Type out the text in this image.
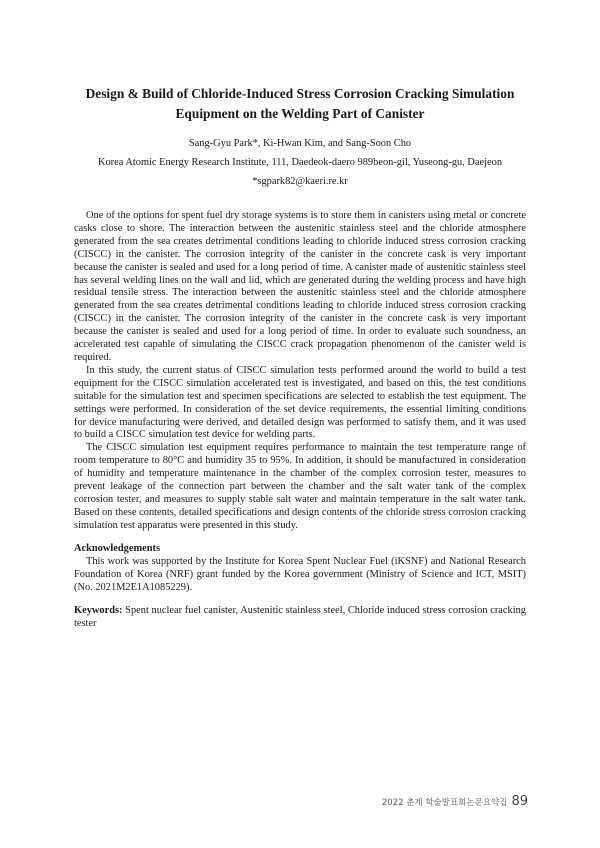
Design & Build of Chloride-Induced Stress Corrosion Cracking Simulation Equipment on the Welding Part of Canister
Sang-Gyu Park*, Ki-Hwan Kim, and Sang-Soon Cho
Korea Atomic Energy Research Institute, 111, Daedeok-daero 989beon-gil, Yuseong-gu, Daejeon
*sgpark82@kaeri.re.kr

One of the options for spent fuel dry storage systems is to store them in canisters using metal or concrete casks close to shore. The interaction between the austenitic stainless steel and the chloride atmosphere generated from the sea creates detrimental conditions leading to chloride induced stress corrosion cracking (CISCC) in the canister. The corrosion integrity of the canister in the concrete cask is very important because the canister is sealed and used for a long period of time. A canister made of austenitic stainless steel has several welding lines on the wall and lid, which are generated during the welding process and have high residual tensile stress. The interaction between the austenitic stainless steel and the chloride atmosphere generated from the sea creates detrimental conditions leading to chloride induced stress corrosion cracking (CISCC) in the canister. The corrosion integrity of the canister in the concrete cask is very important because the canister is sealed and used for a long period of time. In order to evaluate such soundness, an accelerated test capable of simulating the CISCC crack propagation phenomenon of the canister weld is required.

In this study, the current status of CISCC simulation tests performed around the world to build a test equipment for the CISCC simulation accelerated test is investigated, and based on this, the test conditions suitable for the simulation test and specimen specifications are selected to establish the test equipment. The settings were performed. In consideration of the set device requirements, the essential limiting conditions for device manufacturing were derived, and detailed design was performed to satisfy them, and it was used to build a CISCC simulation test device for welding parts.

The CISCC simulation test equipment requires performance to maintain the test temperature range of room temperature to 80°C and humidity 35 to 95%. In addition, it should be manufactured in consideration of humidity and temperature maintenance in the chamber of the complex corrosion tester, measures to prevent leakage of the connection part between the chamber and the salt water tank of the complex corrosion tester, and measures to supply stable salt water and maintain temperature in the salt water tank. Based on these contents, detailed specifications and design contents of the chloride stress corrosion cracking simulation test apparatus were presented in this study.

Acknowledgements

This work was supported by the Institute for Korea Spent Nuclear Fuel (iKSNF) and National Research Foundation of Korea (NRF) grant funded by the Korea government (Ministry of Science and ICT, MSIT) (No. 2021M2E1A1085229).

Keywords: Spent nuclear fuel canister, Austenitic stainless steel, Chloride induced stress corrosion cracking tester

2022 춘계 학술발표회논문요약집 89
